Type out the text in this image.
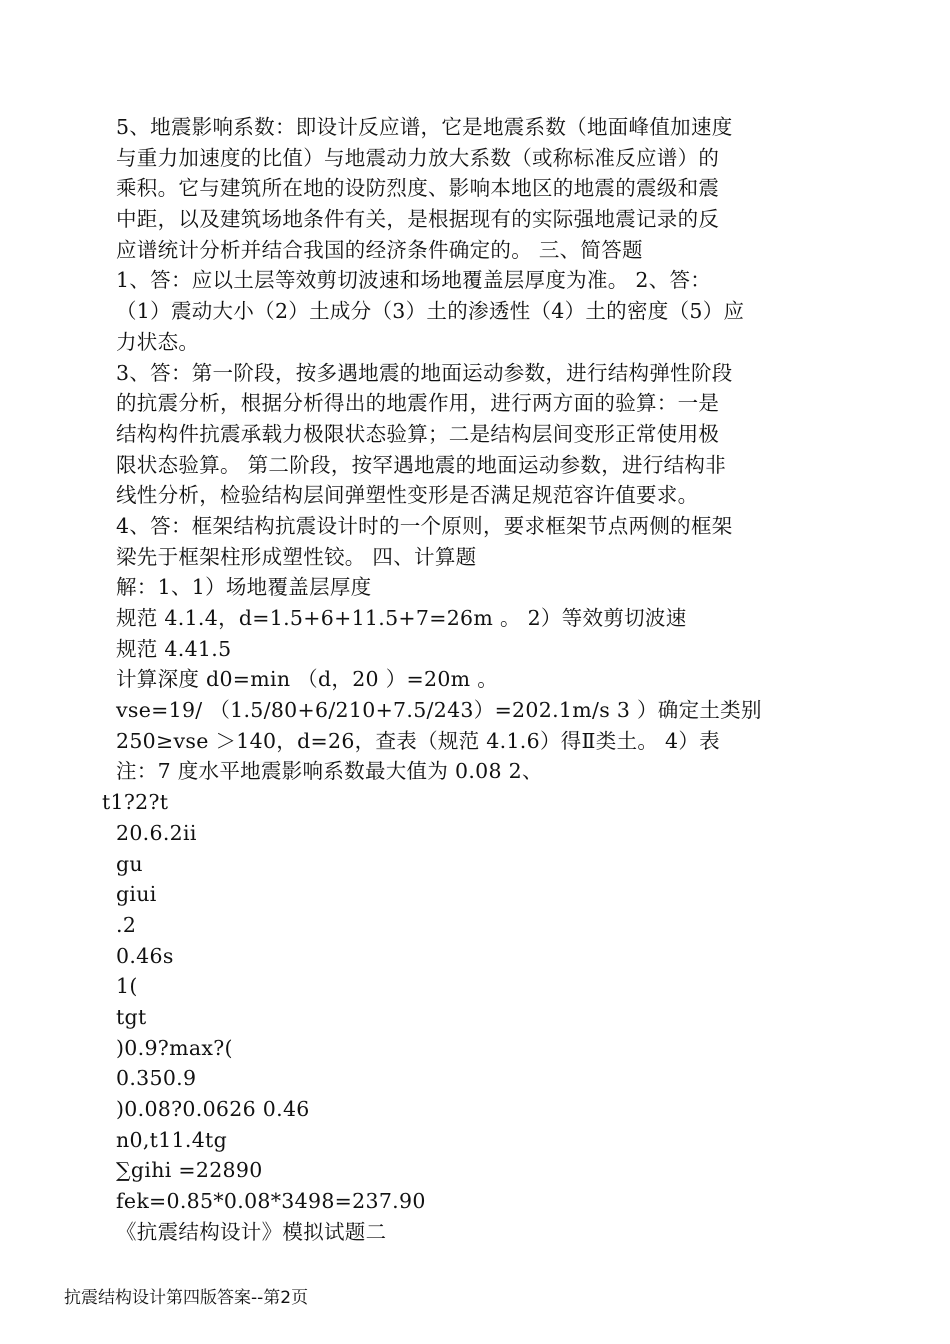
5、地震影响系数：即设计反应谱，它是地震系数（地面峰值加速度
与重力加速度的比值）与地震动力放大系数（或称标准反应谱）的
乘积。它与建筑所在地的设防烈度、影响本地区的地震的震级和震
中距，以及建筑场地条件有关，是根据现有的实际强地震记录的反
应谱统计分析并结合我国的经济条件确定的。 三、简答题
1、答：应以土层等效剪切波速和场地覆盖层厚度为准。 2、答：
（1）震动大小（2）土成分（3）土的渗透性（4）土的密度（5）应
力状态。
3、答：第一阶段，按多遇地震的地面运动参数，进行结构弹性阶段
的抗震分析，根据分析得出的地震作用，进行两方面的验算：一是
结构构件抗震承载力极限状态验算；二是结构层间变形正常使用极
限状态验算。 第二阶段，按罕遇地震的地面运动参数，进行结构非
线性分析，检验结构层间弹塑性变形是否满足规范容许值要求。
4、答：框架结构抗震设计时的一个原则，要求框架节点两侧的框架
梁先于框架柱形成塑性铰。 四、计算题
解：1、1）场地覆盖层厚度
规范 4.1.4，d=1.5+6+11.5+7=26m 。 2）等效剪切波速
规范 4.41.5
计算深度 d0=min （d，20 ）=20m 。
vse=19/ （1.5/80+6/210+7.5/243）=202.1m/s 3 ）确定土类别
250≥vse ＞140，d=26，查表（规范 4.1.6）得Ⅱ类土。 4）表
注：7 度水平地震影响系数最大值为 0.08 2、
t1?2?t
20.6.2ii
gu
giui
.2
0.46s
1(
tgt
)0.9?max?(
0.350.9
)0.08?0.0626 0.46
n0,t11.4tg
∑gihi =22890
fek=0.85*0.08*3498=237.90
《抗震结构设计》模拟试题二
抗震结构设计第四版答案--第2页
